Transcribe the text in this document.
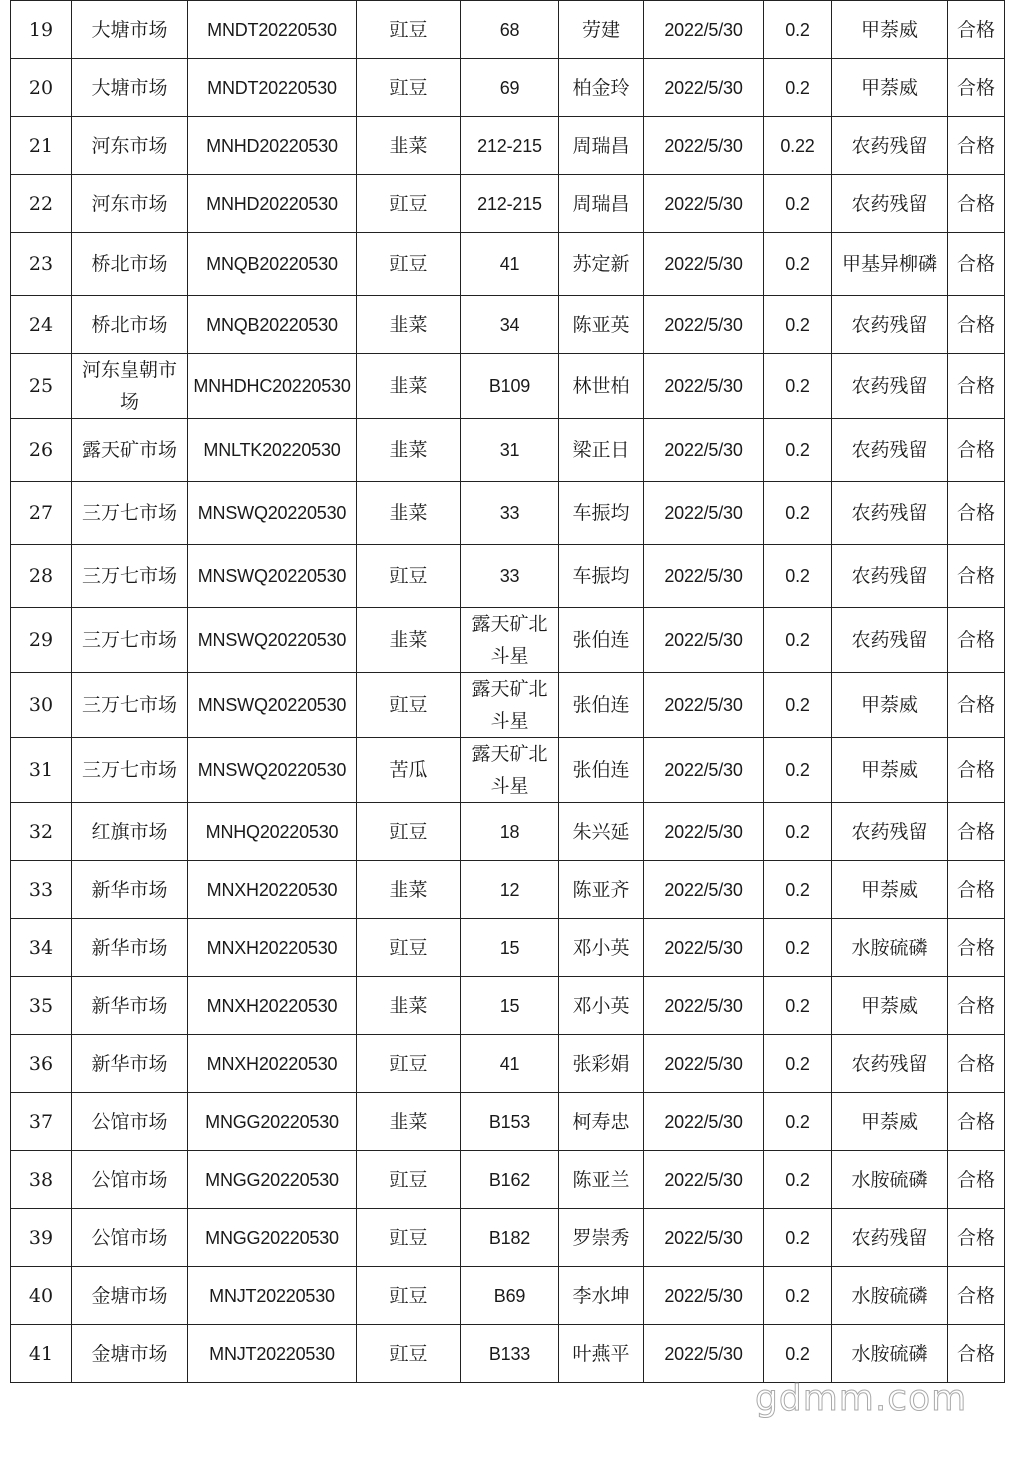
19	大塘市场	MNDT20220530	豇豆	68	劳建	2022/5/30	0.2	甲萘威	合格
20	大塘市场	MNDT20220530	豇豆	69	柏金玲	2022/5/30	0.2	甲萘威	合格
21	河东市场	MNHD20220530	韭菜	212-215	周瑞昌	2022/5/30	0.22	农药残留	合格
22	河东市场	MNHD20220530	豇豆	212-215	周瑞昌	2022/5/30	0.2	农药残留	合格
23	桥北市场	MNQB20220530	豇豆	41	苏定新	2022/5/30	0.2	甲基异柳磷	合格
24	桥北市场	MNQB20220530	韭菜	34	陈亚英	2022/5/30	0.2	农药残留	合格
25	河东皇朝市场	MNHDHC20220530	韭菜	B109	林世柏	2022/5/30	0.2	农药残留	合格
26	露天矿市场	MNLTK20220530	韭菜	31	梁正日	2022/5/30	0.2	农药残留	合格
27	三万七市场	MNSWQ20220530	韭菜	33	车振均	2022/5/30	0.2	农药残留	合格
28	三万七市场	MNSWQ20220530	豇豆	33	车振均	2022/5/30	0.2	农药残留	合格
29	三万七市场	MNSWQ20220530	韭菜	露天矿北斗星	张伯连	2022/5/30	0.2	农药残留	合格
30	三万七市场	MNSWQ20220530	豇豆	露天矿北斗星	张伯连	2022/5/30	0.2	甲萘威	合格
31	三万七市场	MNSWQ20220530	苦瓜	露天矿北斗星	张伯连	2022/5/30	0.2	甲萘威	合格
32	红旗市场	MNHQ20220530	豇豆	18	朱兴延	2022/5/30	0.2	农药残留	合格
33	新华市场	MNXH20220530	韭菜	12	陈亚齐	2022/5/30	0.2	甲萘威	合格
34	新华市场	MNXH20220530	豇豆	15	邓小英	2022/5/30	0.2	水胺硫磷	合格
35	新华市场	MNXH20220530	韭菜	15	邓小英	2022/5/30	0.2	甲萘威	合格
36	新华市场	MNXH20220530	豇豆	41	张彩娟	2022/5/30	0.2	农药残留	合格
37	公馆市场	MNGG20220530	韭菜	B153	柯寿忠	2022/5/30	0.2	甲萘威	合格
38	公馆市场	MNGG20220530	豇豆	B162	陈亚兰	2022/5/30	0.2	水胺硫磷	合格
39	公馆市场	MNGG20220530	豇豆	B182	罗崇秀	2022/5/30	0.2	农药残留	合格
40	金塘市场	MNJT20220530	豇豆	B69	李水坤	2022/5/30	0.2	水胺硫磷	合格
41	金塘市场	MNJT20220530	豇豆	B133	叶燕平	2022/5/30	0.2	水胺硫磷	合格
gdmm.com
